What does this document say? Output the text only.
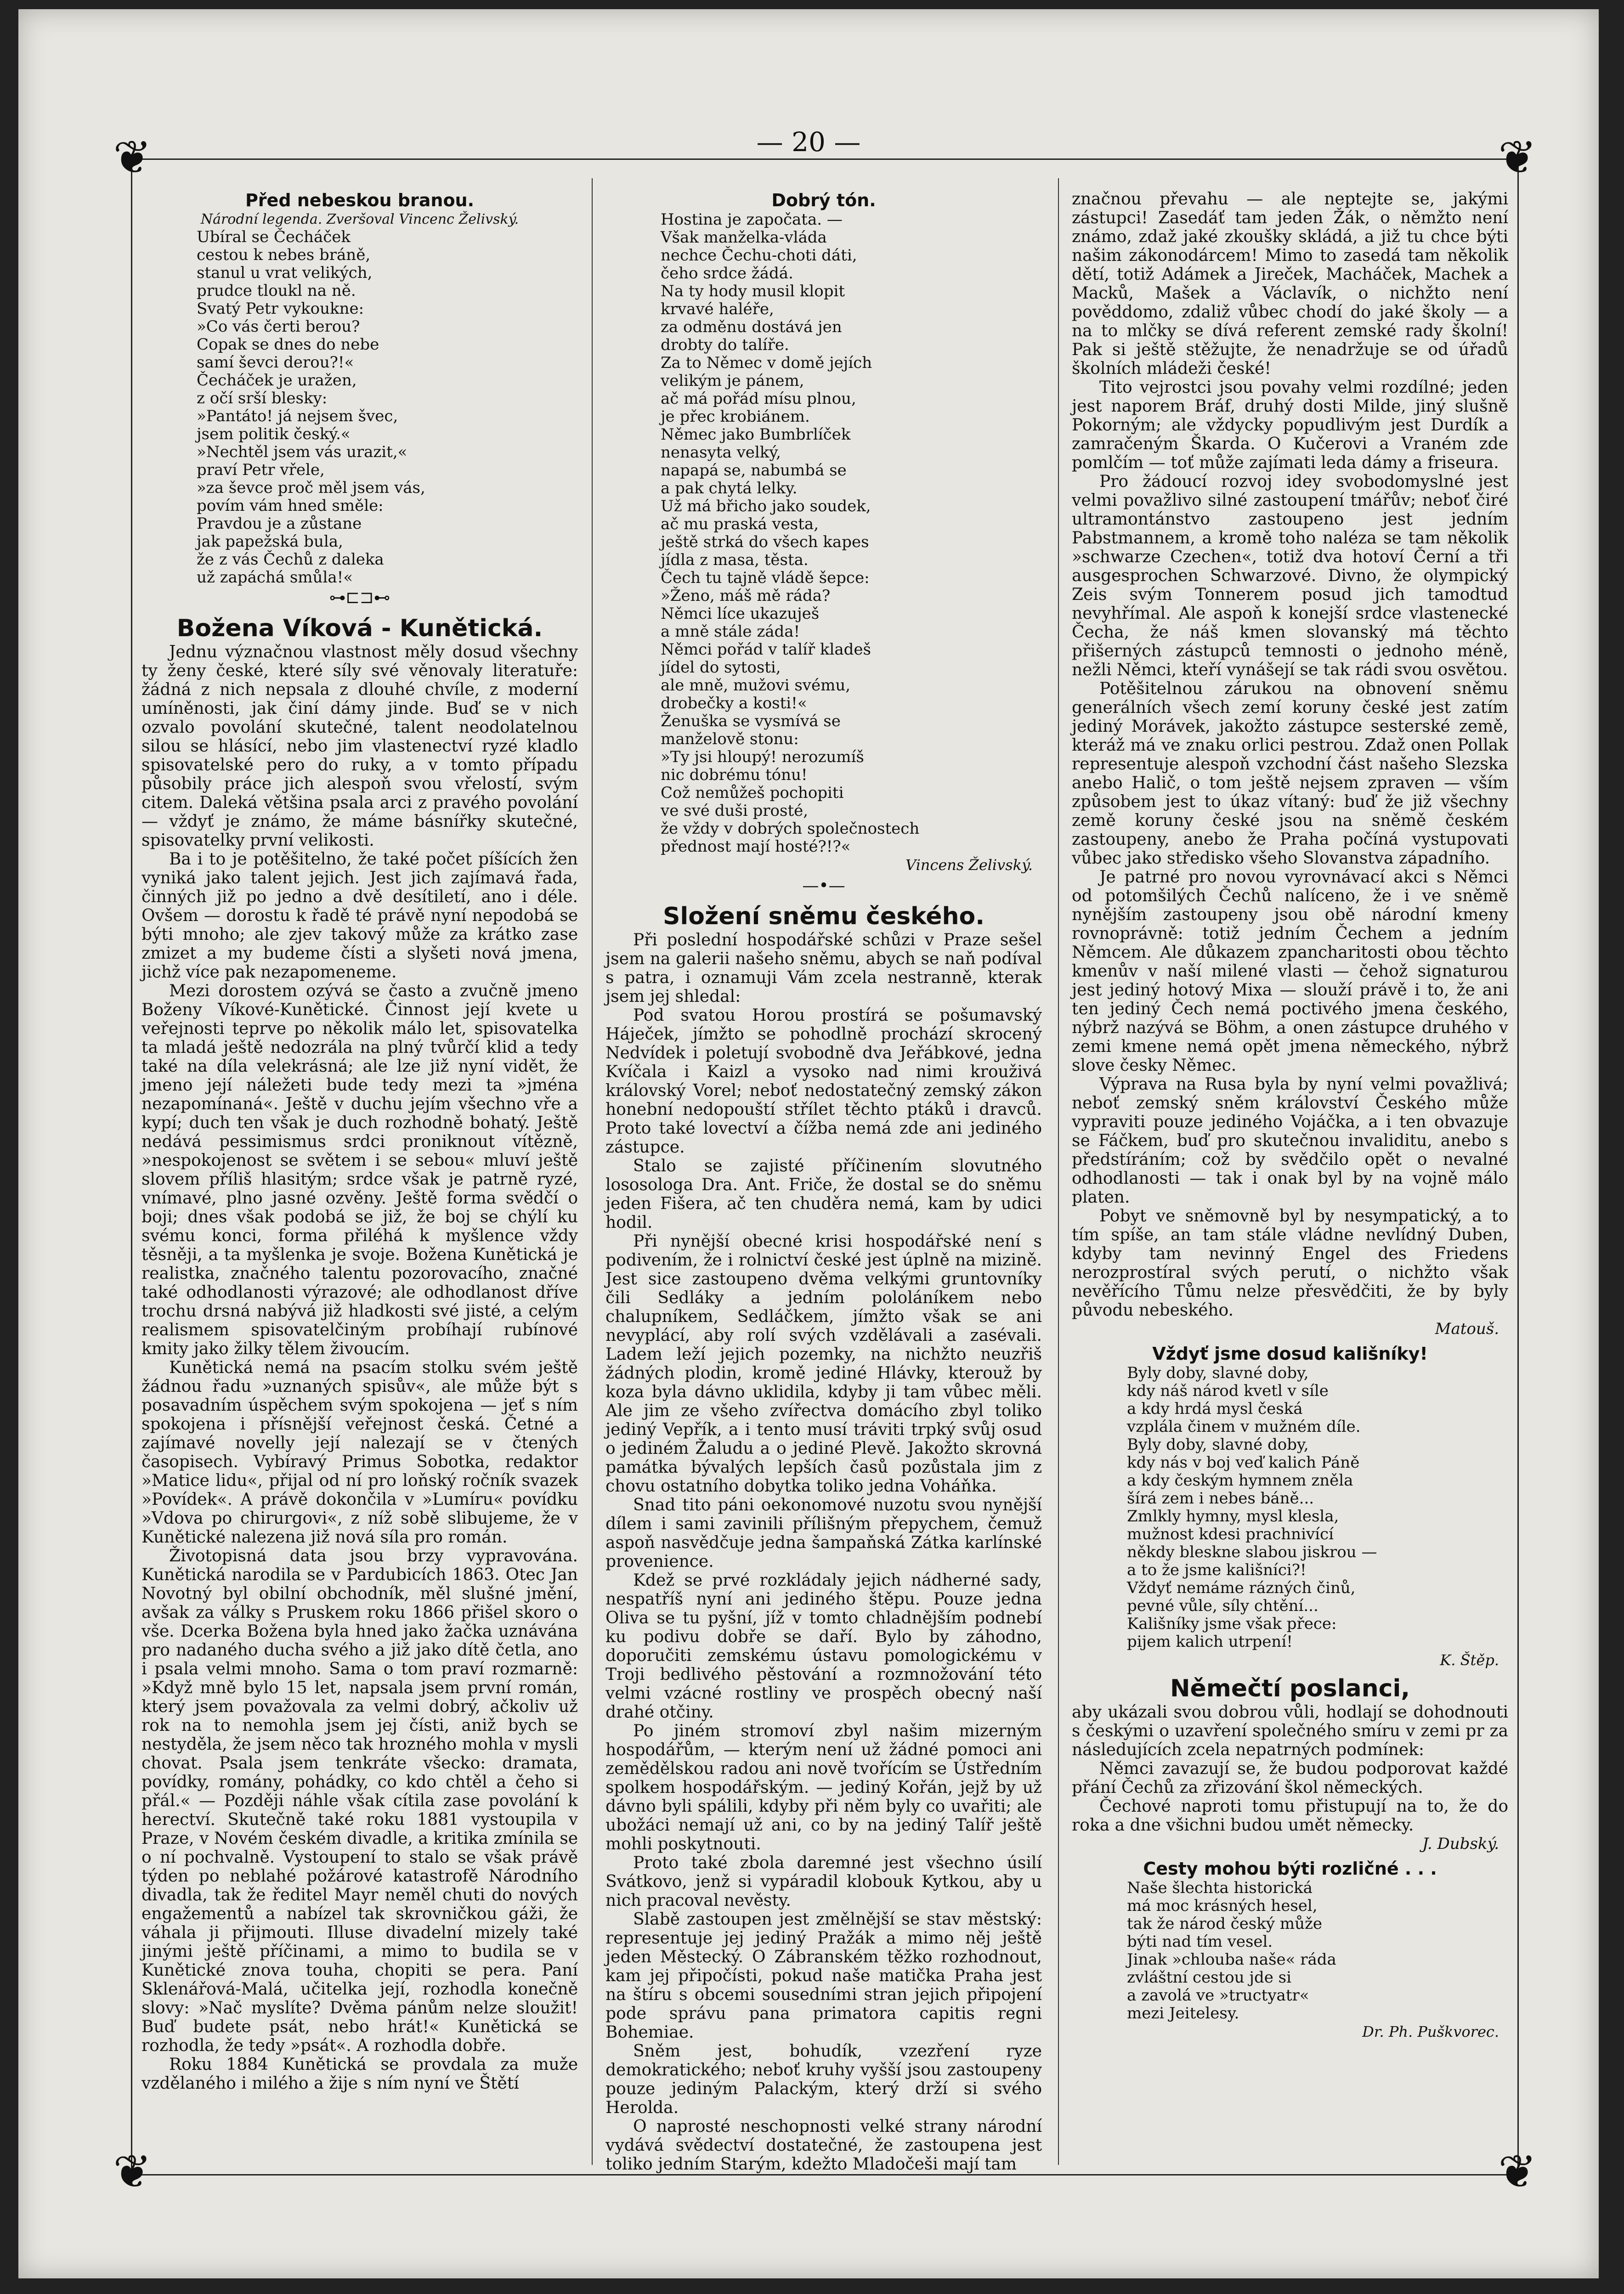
— 20 —
❦	❦
❦	❦
Před nebeskou branou.
Národní legenda. Zveršoval Vincenc Želivský.
Ubíral se Čecháček
cestou k nebes bráně,
stanul u vrat velikých,
prudce tloukl na ně.
Svatý Petr vykoukne:
»Co vás čerti berou?
Copak se dnes do nebe
samí ševci derou?!«
Čecháček je uražen,
z očí srší blesky:
»Pantáto! já nejsem švec,
jsem politik český.«
»Nechtěl jsem vás urazit,«
praví Petr vřele,
»za ševce proč měl jsem vás,
povím vám hned směle:
Pravdou je a zůstane
jak papežská bula,
že z vás Čechů z daleka
už zapáchá smůla!«
⊶⊏⊐⊷
Božena Víková - Kunětická.

Jednu význačnou vlastnost měly dosud všechny ty ženy české, které síly své věnovaly literatuře: žádná z nich nepsala z dlouhé chvíle, z moderní umíněnosti, jak činí dámy jinde. Buď se v nich ozvalo povolání skutečné, talent neodolatelnou silou se hlásící, nebo jim vlastenectví ryzé kladlo spisovatelské pero do ruky, a v tomto případu působily práce jich alespoň svou vřelostí, svým citem. Daleká většina psala arci z pravého povolání — vždyť je známo, že máme básnířky skutečné, spisovatelky první velikosti.

Ba i to je potěšitelno, že také počet píšících žen vyniká jako talent jejich. Jest jich zajímavá řada, činných již po jedno a dvě desítiletí, ano i déle. Ovšem — dorostu k řadě té právě nyní nepodobá se býti mnoho; ale zjev takový může za krátko zase zmizet a my budeme čísti a slyšeti nová jmena, jichž více pak nezapomeneme.

Mezi dorostem ozývá se často a zvučně jmeno Boženy Víkové-Kunětické. Činnost její kvete u veřejnosti teprve po několik málo let, spisovatelka ta mladá ještě nedozrála na plný tvůrčí klid a tedy také na díla velekrásná; ale lze již nyní vidět, že jmeno její náležeti bude tedy mezi ta »jména nezapomínaná«. Ještě v duchu jejím všechno vře a kypí; duch ten však je duch rozhodně bohatý. Ještě nedává pessimismus srdci proniknout vítězně, »nespokojenost se světem i se sebou« mluví ještě slovem příliš hlasitým; srdce však je patrně ryzé, vnímavé, plno jasné ozvěny. Ještě forma svědčí o boji; dnes však podobá se již, že boj se chýlí ku svému konci, forma přiléhá k myšlence vždy těsněji, a ta myšlenka je svoje. Božena Kunětická je realistka, značného talentu pozorovacího, značné také odhodlanosti výrazové; ale odhodlanost dříve trochu drsná nabývá již hladkosti své jisté, a celým realismem spisovatelčiným probíhají rubínové kmity jako žilky tělem živoucím.

Kunětická nemá na psacím stolku svém ještě žádnou řadu »uznaných spisův«, ale může být s posavadním úspěchem svým spokojena — jeť s ním spokojena i přísnější veřejnost česká. Četné a zajímavé novelly její nalezají se v čtených časopisech. Vybíravý Primus Sobotka, redaktor »Matice lidu«, přijal od ní pro loňský ročník svazek »Povídek«. A právě dokončila v »Lumíru« povídku »Vdova po chirurgovi«, z níž sobě slibujeme, že v Kunětické nalezena již nová síla pro román.

Životopisná data jsou brzy vypravována. Kunětická narodila se v Pardubicích 1863. Otec Jan Novotný byl obilní obchodník, měl slušné jmění, avšak za války s Pruskem roku 1866 přišel skoro o vše. Dcerka Božena byla hned jako žačka uznávána pro nadaného ducha svého a již jako dítě četla, ano i psala velmi mnoho. Sama o tom praví rozmarně: »Když mně bylo 15 let, napsala jsem první román, který jsem považovala za velmi dobrý, ačkoliv už rok na to nemohla jsem jej čísti, aniž bych se nestyděla, že jsem něco tak hrozného mohla v mysli chovat. Psala jsem tenkráte všecko: dramata, povídky, romány, pohádky, co kdo chtěl a čeho si přál.« — Později náhle však cítila zase povolání k herectví. Skutečně také roku 1881 vystoupila v Praze, v Novém českém divadle, a kritika zmínila se o ní pochvalně. Vystoupení to stalo se však právě týden po neblahé požárové katastrofě Národního divadla, tak že ředitel Mayr neměl chuti do nových engažementů a nabízel tak skrovničkou gáži, že váhala ji přijmouti. Illuse divadelní mizely také jinými ještě příčinami, a mimo to budila se v Kunětické znova touha, chopiti se pera. Paní Sklenářová-Malá, učitelka její, rozhodla konečně slovy: »Nač myslíte? Dvěma pánům nelze sloužit! Buď budete psát, nebo hrát!« Kunětická se rozhodla, že tedy »psát«. A rozhodla dobře.

Roku 1884 Kunětická se provdala za muže vzdělaného i milého a žije s ním nyní ve Štětí

Dobrý tón.
Hostina je započata. —
Však manželka-vláda
nechce Čechu-choti dáti,
čeho srdce žádá.
Na ty hody musil klopit
krvavé haléře,
za odměnu dostává jen
drobty do talíře.
Za to Němec v domě jejích
velikým je pánem,
ač má pořád mísu plnou,
je přec krobiánem.
Němec jako Bumbrlíček
nenasyta velký,
napapá se, nabumbá se
a pak chytá lelky.
Už má břicho jako soudek,
ač mu praská vesta,
ještě strká do všech kapes
jídla z masa, těsta.
Čech tu tajně vládě šepce:
»Ženo, máš mě ráda?
Němci líce ukazuješ
a mně stále záda!
Němci pořád v talíř kladeš
jídel do sytosti,
ale mně, mužovi svému,
drobečky a kosti!«
Ženuška se vysmívá se
manželově stonu:
»Ty jsi hloupý! nerozumíš
nic dobrému tónu!
Což nemůžeš pochopiti
ve své duši prosté,
že vždy v dobrých společnostech
přednost mají hosté?!?«
Vincens Želivský.
—•—
Složení sněmu českého.

Při poslední hospodářské schůzi v Praze sešel jsem na galerii našeho sněmu, abych se naň podíval s patra, i oznamuji Vám zcela nestranně, kterak jsem jej shledal:

Pod svatou Horou prostírá se pošumavský Háječek, jímžto se pohodlně prochází skrocený Nedvídek i poletují svobodně dva Jeřábkové, jedna Kvíčala i Kaizl a vysoko nad nimi krouživá královský Vorel; neboť nedostatečný zemský zákon honební nedopouští střílet těchto ptáků i dravců. Proto také lovectví a čížba nemá zde ani jediného zástupce.

Stalo se zajisté příčinením slovutného lososologa Dra. Ant. Friče, že dostal se do sněmu jeden Fišera, ač ten chuděra nemá, kam by udici hodil.

Při nynější obecné krisi hospodářské není s podivením, že i rolnictví české jest úplně na mizině. Jest sice zastoupeno dvěma velkými gruntovníky čili Sedláky a jedním pololáníkem nebo chalupníkem, Sedláčkem, jímžto však se ani nevyplácí, aby rolí svých vzdělávali a zasévali. Ladem leží jejich pozemky, na nichžto neuzřiš žádných plodin, kromě jediné Hlávky, kterouž by koza byla dávno uklidila, kdyby ji tam vůbec měli. Ale jim ze všeho zvířectva domácího zbyl toliko jediný Vepřík, a i tento musí tráviti trpký svůj osud o jediném Žaludu a o jediné Plevě. Jakožto skrovná památka bývalých lepších časů pozůstala jim z chovu ostatního dobytka toliko jedna Voháňka.

Snad tito páni oekonomové nuzotu svou nynější dílem i sami zavinili přílišným přepychem, čemuž aspoň nasvědčuje jedna šampaňská Zátka karlínské provenience.

Kdež se prvé rozkládaly jejich nádherné sady, nespatříš nyní ani jediného štěpu. Pouze jedna Oliva se tu pyšní, jíž v tomto chladnějším podnebí ku podivu dobře se daří. Bylo by záhodno, doporučiti zemskému ústavu pomologickému v Troji bedlivého pěstování a rozmnožování této velmi vzácné rostliny ve prospěch obecný naší drahé otčiny.

Po jiném stromoví zbyl našim mizerným hospodářům, — kterým není už žádné pomoci ani zemědělskou radou ani nově tvořícím se Ústředním spolkem hospodářským. — jediný Kořán, jejž by už dávno byli spálili, kdyby při něm byly co uvařiti; ale ubožáci nemají už ani, co by na jediný Talíř ještě mohli poskytnouti.

Proto také zbola daremné jest všechno úsilí Svátkovo, jenž si vypáradil klobouk Kytkou, aby u nich pracoval nevěsty.

Slabě zastoupen jest změlnější se stav městský: representuje jej jediný Pražák a mimo něj ještě jeden Městecký. O Zábranském těžko rozhodnout, kam jej připočísti, pokud naše matička Praha jest na štíru s obcemi sousedními stran jejich připojení pode správu pana primatora capitis regni Bohemiae.

Sněm jest, bohudík, vzezření ryze demokratického; neboť kruhy vyšší jsou zastoupeny pouze jediným Palackým, který drží si svého Herolda.

O naprosté neschopnosti velké strany národní vydává svědectví dostatečné, že zastoupena jest toliko jedním Starým, kdežto Mladočeši mají tam

značnou převahu — ale neptejte se, jakými zástupci! Zasedáť tam jeden Žák, o němžto není známo, zdaž jaké zkoušky skládá, a již tu chce býti našim zákonodárcem! Mimo to zasedá tam několik dětí, totiž Adámek a Jireček, Macháček, Machek a Macků, Mašek a Václavík, o nichžto není pověddomo, zdaliž vůbec chodí do jaké školy — a na to mlčky se dívá referent zemské rady školní! Pak si ještě stěžujte, že nenadržuje se od úřadů školních mládeži české!

Tito vejrostci jsou povahy velmi rozdílné; jeden jest naporem Bráf, druhý dosti Milde, jiný slušně Pokorným; ale vždycky popudlivým jest Durdík a zamračeným Škarda. O Kučerovi a Vraném zde pomlčím — toť může zajímati leda dámy a friseura.

Pro žádoucí rozvoj idey svobodomyslné jest velmi považlivo silné zastoupení tmářův; neboť čiré ultramontánstvo zastoupeno jest jedním Pabstmannem, a kromě toho naléza se tam několik »schwarze Czechen«, totiž dva hotoví Černí a tři ausgesprochen Schwarzové. Divno, že olympický Zeis svým Tonnerem posud jich tamodtud nevyhřímal. Ale aspoň k konejší srdce vlastenecké Čecha, že náš kmen slovanský má těchto přišerných zástupců temnosti o jednoho méně, nežli Němci, kteří vynášejí se tak rádi svou osvětou.

Potěšitelnou zárukou na obnovení sněmu generálních všech zemí koruny české jest zatím jediný Morávek, jakožto zástupce sesterské země, kteráž má ve znaku orlici pestrou. Zdaž onen Pollak representuje alespoň vzchodní část našeho Slezska anebo Halič, o tom ještě nejsem zpraven — vším způsobem jest to úkaz vítaný: buď že již všechny země koruny české jsou na sněmě českém zastoupeny, anebo že Praha počíná vystupovati vůbec jako středisko všeho Slovanstva západního.

Je patrné pro novou vyrovnávací akci s Němci od potomšilých Čechů nalíceno, že i ve sněmě nynějším zastoupeny jsou obě národní kmeny rovnoprávně: totiž jedním Čechem a jedním Němcem. Ale důkazem zpancharitosti obou těchto kmenův v naší milené vlasti — čehož signaturou jest jediný hotový Mixa — slouží právě i to, že ani ten jediný Čech nemá poctivého jmena českého, nýbrž nazývá se Böhm, a onen zástupce druhého v zemi kmene nemá opět jmena německého, nýbrž slove česky Němec.

Výprava na Rusa byla by nyní velmi považlivá; neboť zemský sněm království Českého může vypraviti pouze jediného Vojáčka, a i ten obvazuje se Fáčkem, buď pro skutečnou invaliditu, anebo s předstíráním; což by svědčilo opět o nevalné odhodlanosti — tak i onak byl by na vojně málo platen.

Pobyt ve sněmovně byl by nesympatický, a to tím spíše, an tam stále vládne nevlídný Duben, kdyby tam nevinný Engel des Friedens nerozprostíral svých perutí, o nichžto však nevěřícího Tůmu nelze přesvědčiti, že by byly původu nebeského.

Matouš.
Vždyť jsme dosud kališníky!
Byly doby, slavné doby,
kdy náš národ kvetl v síle
a kdy hrdá mysl česká
vzplála činem v mužném díle.
Byly doby, slavné doby,
kdy nás v boj veď kalich Páně
a kdy českým hymnem zněla
šírá zem i nebes báně...
Zmlkly hymny, mysl klesla,
mužnost kdesi prachnivící
někdy bleskne slabou jiskrou —
a to že jsme kališníci?!
Vždyť nemáme rázných činů,
pevné vůle, síly chtění...
Kališníky jsme však přece:
pijem kalich utrpení!
K. Štěp.
Němečtí poslanci,

aby ukázali svou dobrou vůli, hodlají se dohodnouti s českými o uzavření společného smíru v zemi pr za následujících zcela nepatrných podmínek:

Němci zavazují se, že budou podporovat každé přání Čechů za zřizování škol německých.

Čechové naproti tomu přistupují na to, že do roka a dne všichni budou umět německy.

J. Dubský.
Cesty mohou býti rozličné . . .
Naše šlechta historická
má moc krásných hesel,
tak že národ český může
býti nad tím vesel.
Jinak »chlouba naše« ráda
zvláštní cestou jde si
a zavolá ve »tructyatr«
mezi Jeitelesy.
Dr. Ph. Puškvorec.
